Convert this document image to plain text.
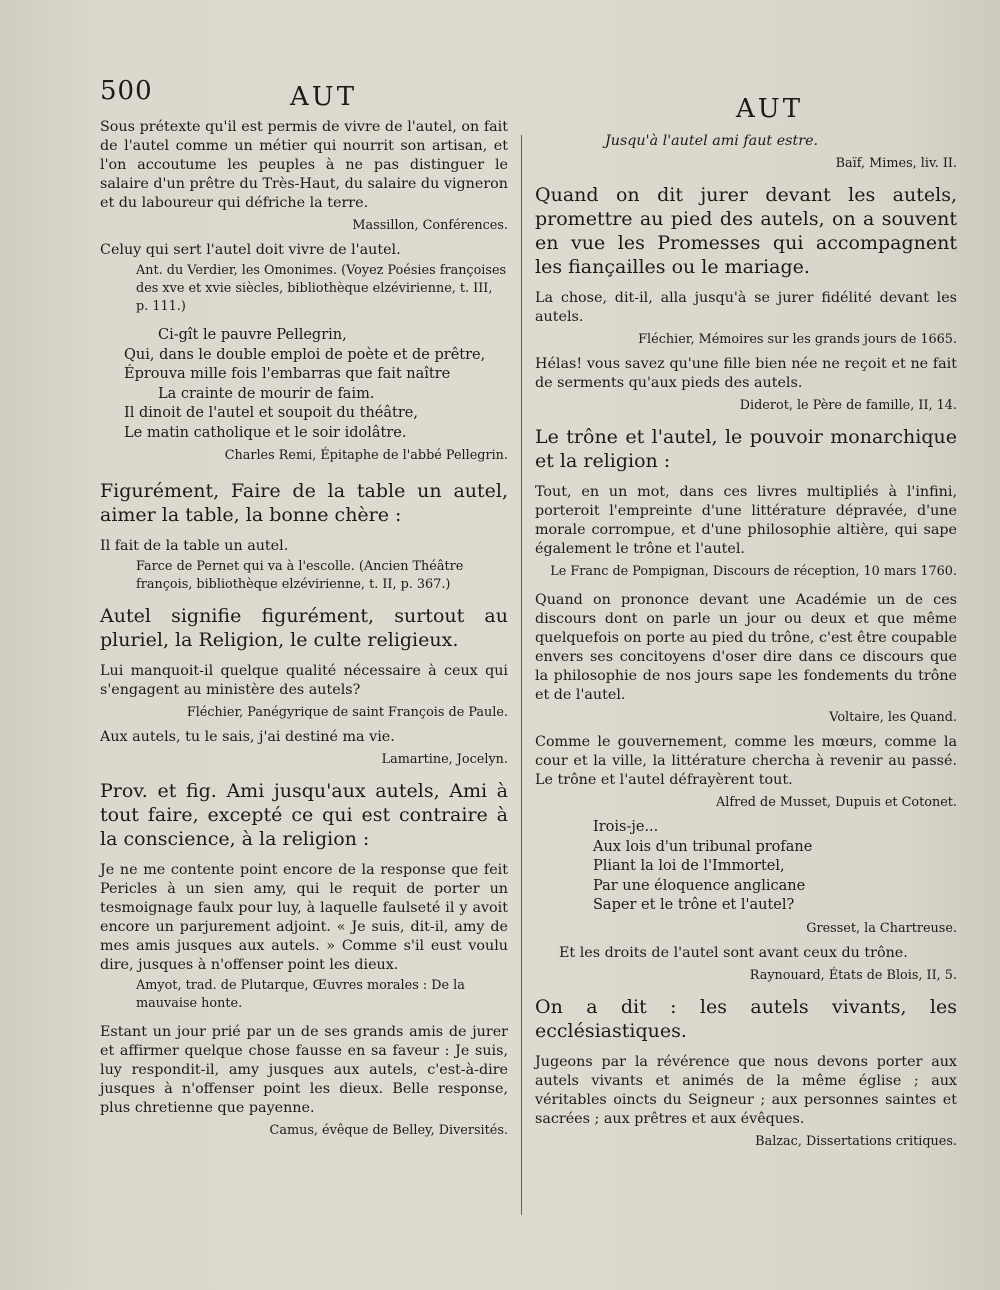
500	AUT	AUT

Sous prétexte qu'il est permis de vivre de l'autel, on fait de l'autel comme un métier qui nourrit son artisan, et l'on accoutume les peuples à ne pas distinguer le salaire d'un prêtre du Très-Haut, du salaire du vigneron et du laboureur qui défriche la terre.

Massillon, Conférences.

Celuy qui sert l'autel doit vivre de l'autel.

Ant. du Verdier, les Omonimes. (Voyez Poésies françoises des xve et xvie siècles, bibliothèque elzévirienne, t. III, p. 111.)
Ci-gît le pauvre Pellegrin,
Qui, dans le double emploi de poète et de prêtre,
Éprouva mille fois l'embarras que fait naître
La crainte de mourir de faim.
Il dinoit de l'autel et soupoit du théâtre,
Le matin catholique et le soir idolâtre.
Charles Remi, Épitaphe de l'abbé Pellegrin.

Figurément, Faire de la table un autel, aimer la table, la bonne chère :

Il fait de la table un autel.

Farce de Pernet qui va à l'escolle. (Ancien Théâtre françois, bibliothèque elzévirienne, t. II, p. 367.)

Autel signifie figurément, surtout au pluriel, la Religion, le culte religieux.

Lui manquoit-il quelque qualité nécessaire à ceux qui s'engagent au ministère des autels?

Fléchier, Panégyrique de saint François de Paule.

Aux autels, tu le sais, j'ai destiné ma vie.

Lamartine, Jocelyn.

Prov. et fig. Ami jusqu'aux autels, Ami à tout faire, excepté ce qui est contraire à la conscience, à la religion :

Je ne me contente point encore de la response que feit Pericles à un sien amy, qui le requit de porter un tesmoignage faulx pour luy, à laquelle faulseté il y avoit encore un parjurement adjoint. « Je suis, dit-il, amy de mes amis jusques aux autels. » Comme s'il eust voulu dire, jusques à n'offenser point les dieux.

Amyot, trad. de Plutarque, Œuvres morales : De la mauvaise honte.

Estant un jour prié par un de ses grands amis de jurer et affirmer quelque chose fausse en sa faveur : Je suis, luy respondit-il, amy jusques aux autels, c'est-à-dire jusques à n'offenser point les dieux. Belle response, plus chretienne que payenne.

Camus, évêque de Belley, Diversités.

Jusqu'à l'autel ami faut estre.

Baïf, Mimes, liv. II.

Quand on dit jurer devant les autels, promettre au pied des autels, on a souvent en vue les Promesses qui accompagnent les fiançailles ou le mariage.

La chose, dit-il, alla jusqu'à se jurer fidélité devant les autels.

Fléchier, Mémoires sur les grands jours de 1665.

Hélas! vous savez qu'une fille bien née ne reçoit et ne fait de serments qu'aux pieds des autels.

Diderot, le Père de famille, II, 14.

Le trône et l'autel, le pouvoir monarchique et la religion :

Tout, en un mot, dans ces livres multipliés à l'infini, porteroit l'empreinte d'une littérature dépravée, d'une morale corrompue, et d'une philosophie altière, qui sape également le trône et l'autel.

Le Franc de Pompignan, Discours de réception, 10 mars 1760.

Quand on prononce devant une Académie un de ces discours dont on parle un jour ou deux et que même quelquefois on porte au pied du trône, c'est être coupable envers ses concitoyens d'oser dire dans ce discours que la philosophie de nos jours sape les fondements du trône et de l'autel.

Voltaire, les Quand.

Comme le gouvernement, comme les mœurs, comme la cour et la ville, la littérature chercha à revenir au passé. Le trône et l'autel défrayèrent tout.

Alfred de Musset, Dupuis et Cotonet.
Irois-je...
Aux lois d'un tribunal profane
Pliant la loi de l'Immortel,
Par une éloquence anglicane
Saper et le trône et l'autel?
Gresset, la Chartreuse.

Et les droits de l'autel sont avant ceux du trône.

Raynouard, États de Blois, II, 5.

On a dit : les autels vivants, les ecclésiastiques.

Jugeons par la révérence que nous devons porter aux autels vivants et animés de la même église ; aux véritables oincts du Seigneur ; aux personnes saintes et sacrées ; aux prêtres et aux évêques.

Balzac, Dissertations critiques.
